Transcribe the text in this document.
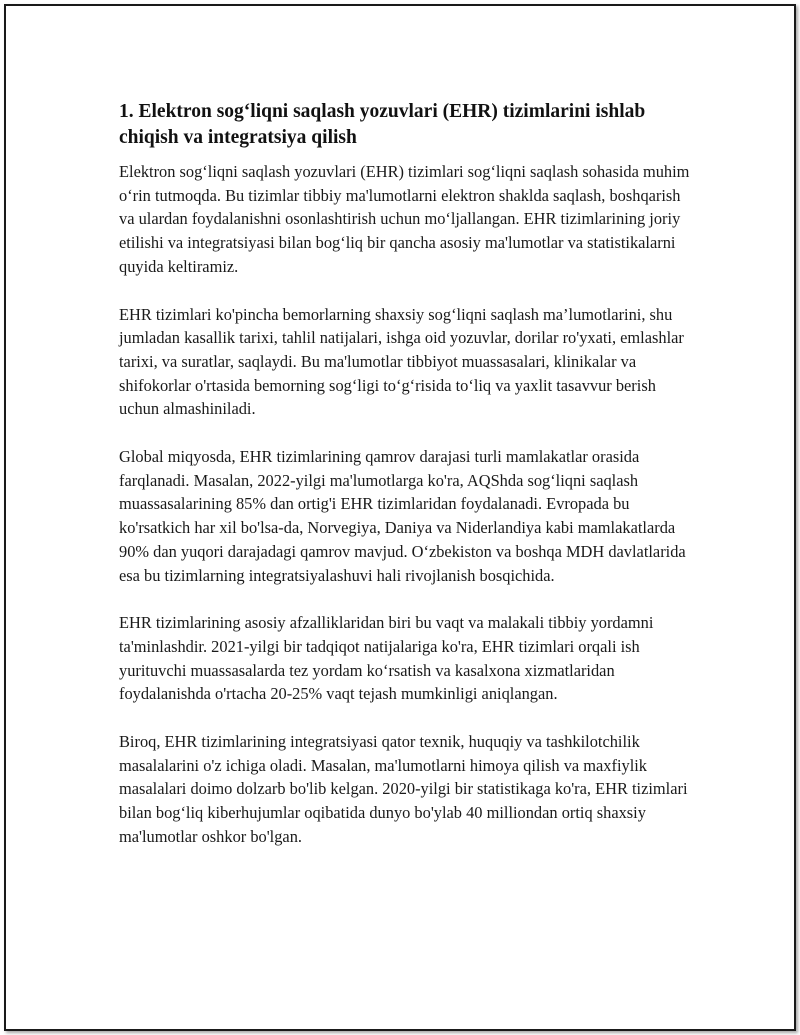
1. Elektron sog‘liqni saqlash yozuvlari (EHR) tizimlarini ishlab chiqish va integratsiya qilish

Elektron sog‘liqni saqlash yozuvlari (EHR) tizimlari sog‘liqni saqlash sohasida muhim o‘rin tutmoqda. Bu tizimlar tibbiy ma'lumotlarni elektron shaklda saqlash, boshqarish va ulardan foydalanishni osonlashtirish uchun mo‘ljallangan. EHR tizimlarining joriy etilishi va integratsiyasi bilan bog‘liq bir qancha asosiy ma'lumotlar va statistikalarni quyida keltiramiz.

EHR tizimlari ko'pincha bemorlarning shaxsiy sog‘liqni saqlash ma’lumotlarini, shu jumladan kasallik tarixi, tahlil natijalari, ishga oid yozuvlar, dorilar ro'yxati, emlashlar tarixi, va suratlar, saqlaydi. Bu ma'lumotlar tibbiyot muassasalari, klinikalar va shifokorlar o'rtasida bemorning sog‘ligi to‘g‘risida to‘liq va yaxlit tasavvur berish uchun almashiniladi.

Global miqyosda, EHR tizimlarining qamrov darajasi turli mamlakatlar orasida farqlanadi. Masalan, 2022-yilgi ma'lumotlarga ko'ra, AQShda sog‘liqni saqlash muassasalarining 85% dan ortig'i EHR tizimlaridan foydalanadi. Evropada bu ko'rsatkich har xil bo'lsa-da, Norvegiya, Daniya va Niderlandiya kabi mamlakatlarda 90% dan yuqori darajadagi qamrov mavjud. O‘zbekiston va boshqa MDH davlatlarida esa bu tizimlarning integratsiyalashuvi hali rivojlanish bosqichida.

EHR tizimlarining asosiy afzalliklaridan biri bu vaqt va malakali tibbiy yordamni ta'minlashdir. 2021-yilgi bir tadqiqot natijalariga ko'ra, EHR tizimlari orqali ish yurituvchi muassasalarda tez yordam ko‘rsatish va kasalxona xizmatlaridan foydalanishda o'rtacha 20-25% vaqt tejash mumkinligi aniqlangan.

Biroq, EHR tizimlarining integratsiyasi qator texnik, huquqiy va tashkilotchilik masalalarini o'z ichiga oladi. Masalan, ma'lumotlarni himoya qilish va maxfiylik masalalari doimo dolzarb bo'lib kelgan. 2020-yilgi bir statistikaga ko'ra, EHR tizimlari bilan bog‘liq kiberhujumlar oqibatida dunyo bo'ylab 40 milliondan ortiq shaxsiy ma'lumotlar oshkor bo'lgan.
